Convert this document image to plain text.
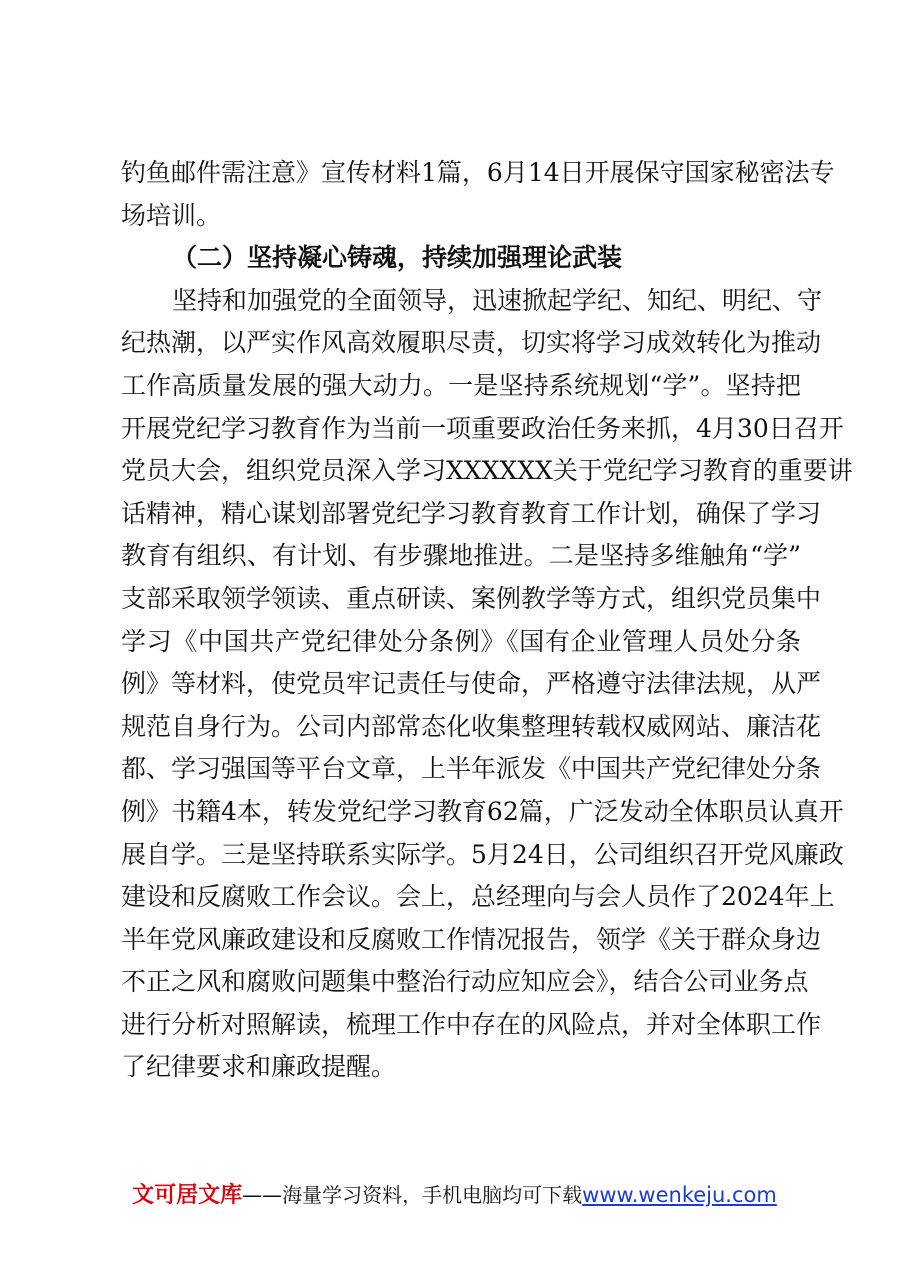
钓鱼邮件需注意》宣传材料1篇，6月14日开展保守国家秘密法专
场培训。
（二）坚持凝心铸魂，持续加强理论武装
坚持和加强党的全面领导，迅速掀起学纪、知纪、明纪、守
纪热潮，以严实作风高效履职尽责，切实将学习成效转化为推动
工作高质量发展的强大动力。一是坚持系统规划“学”。坚持把
开展党纪学习教育作为当前一项重要政治任务来抓，4月30日召开
党员大会，组织党员深入学习XXXXXX关于党纪学习教育的重要讲
话精神，精心谋划部署党纪学习教育教育工作计划，确保了学习
教育有组织、有计划、有步骤地推进。二是坚持多维触角“学”
支部采取领学领读、重点研读、案例教学等方式，组织党员集中
学习《中国共产党纪律处分条例》《国有企业管理人员处分条
例》等材料，使党员牢记责任与使命，严格遵守法律法规，从严
规范自身行为。公司内部常态化收集整理转载权威网站、廉洁花
都、学习强国等平台文章，上半年派发《中国共产党纪律处分条
例》书籍4本，转发党纪学习教育62篇，广泛发动全体职员认真开
展自学。三是坚持联系实际学。5月24日，公司组织召开党风廉政
建设和反腐败工作会议。会上，总经理向与会人员作了2024年上
半年党风廉政建设和反腐败工作情况报告，领学《关于群众身边
不正之风和腐败问题集中整治行动应知应会》，结合公司业务点
进行分析对照解读，梳理工作中存在的风险点，并对全体职工作
了纪律要求和廉政提醒。
文可居文库——海量学习资料，手机电脑均可下载www.wenkeju.com
